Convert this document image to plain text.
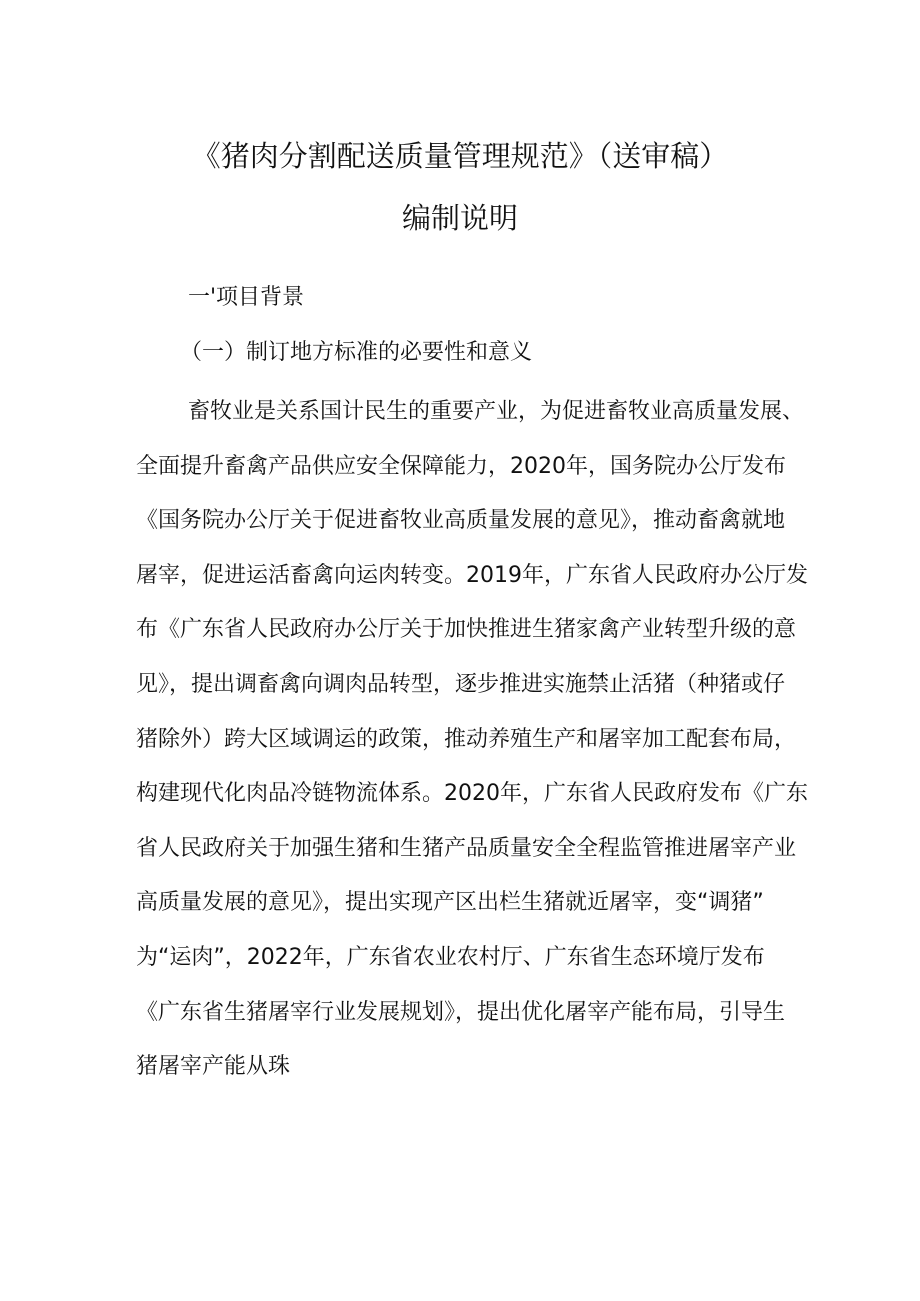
《猪肉分割配送质量管理规范》（送审稿）
编制说明
一'项目背景
（一）制订地方标准的必要性和意义
畜牧业是关系国计民生的重要产业，为促进畜牧业高质量发展、
全面提升畜禽产品供应安全保障能力，2020年，国务院办公厅发布
《国务院办公厅关于促进畜牧业高质量发展的意见》，推动畜禽就地
屠宰，促进运活畜禽向运肉转变。2019年，广东省人民政府办公厅发
布《广东省人民政府办公厅关于加快推进生猪家禽产业转型升级的意
见》，提出调畜禽向调肉品转型，逐步推进实施禁止活猪（种猪或仔
猪除外）跨大区域调运的政策，推动养殖生产和屠宰加工配套布局，
构建现代化肉品冷链物流体系。2020年，广东省人民政府发布《广东
省人民政府关于加强生猪和生猪产品质量安全全程监管推进屠宰产业
高质量发展的意见》，提出实现产区出栏生猪就近屠宰，变“调猪”
为“运肉”，2022年，广东省农业农村厅、广东省生态环境厅发布
《广东省生猪屠宰行业发展规划》，提出优化屠宰产能布局，引导生
猪屠宰产能从珠
